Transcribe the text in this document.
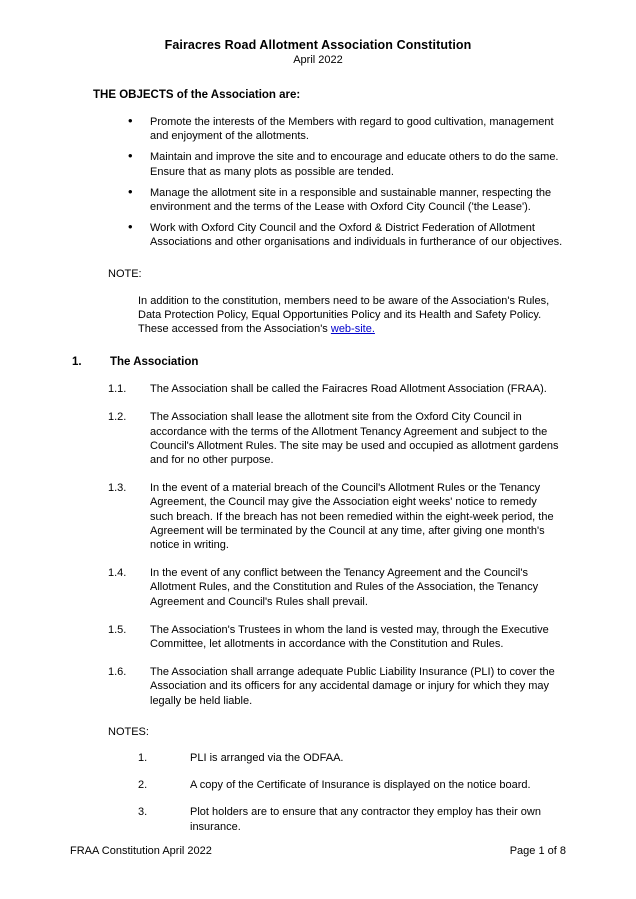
Fairacres Road Allotment Association Constitution
April 2022
THE OBJECTS of the Association are:
• Promote the interests of the Members with regard to good cultivation, management and enjoyment of the allotments.
• Maintain and improve the site and to encourage and educate others to do the same. Ensure that as many plots as possible are tended.
• Manage the allotment site in a responsible and sustainable manner, respecting the environment and the terms of the Lease with Oxford City Council ('the Lease').
• Work with Oxford City Council and the Oxford & District Federation of Allotment Associations and other organisations and individuals in furtherance of our objectives.
NOTE:
In addition to the constitution, members need to be aware of the Association's Rules, Data Protection Policy, Equal Opportunities Policy and its Health and Safety Policy. These accessed from the Association's web-site.
1.	The Association
1.1.	The Association shall be called the Fairacres Road Allotment Association (FRAA).
1.2.	The Association shall lease the allotment site from the Oxford City Council in accordance with the terms of the Allotment Tenancy Agreement and subject to the Council's Allotment Rules. The site may be used and occupied as allotment gardens and for no other purpose.
1.3.	In the event of a material breach of the Council's Allotment Rules or the Tenancy Agreement, the Council may give the Association eight weeks' notice to remedy such breach. If the breach has not been remedied within the eight-week period, the Agreement will be terminated by the Council at any time, after giving one month's notice in writing.
1.4.	In the event of any conflict between the Tenancy Agreement and the Council's Allotment Rules, and the Constitution and Rules of the Association, the Tenancy Agreement and Council's Rules shall prevail.
1.5.	The Association's Trustees in whom the land is vested may, through the Executive Committee, let allotments in accordance with the Constitution and Rules.
1.6.	The Association shall arrange adequate Public Liability Insurance (PLI) to cover the Association and its officers for any accidental damage or injury for which they may legally be held liable.
NOTES:
1.	PLI is arranged via the ODFAA.
2.	A copy of the Certificate of Insurance is displayed on the notice board.
3.	Plot holders are to ensure that any contractor they employ has their own insurance.
FRAA Constitution April 2022	Page 1 of 8
